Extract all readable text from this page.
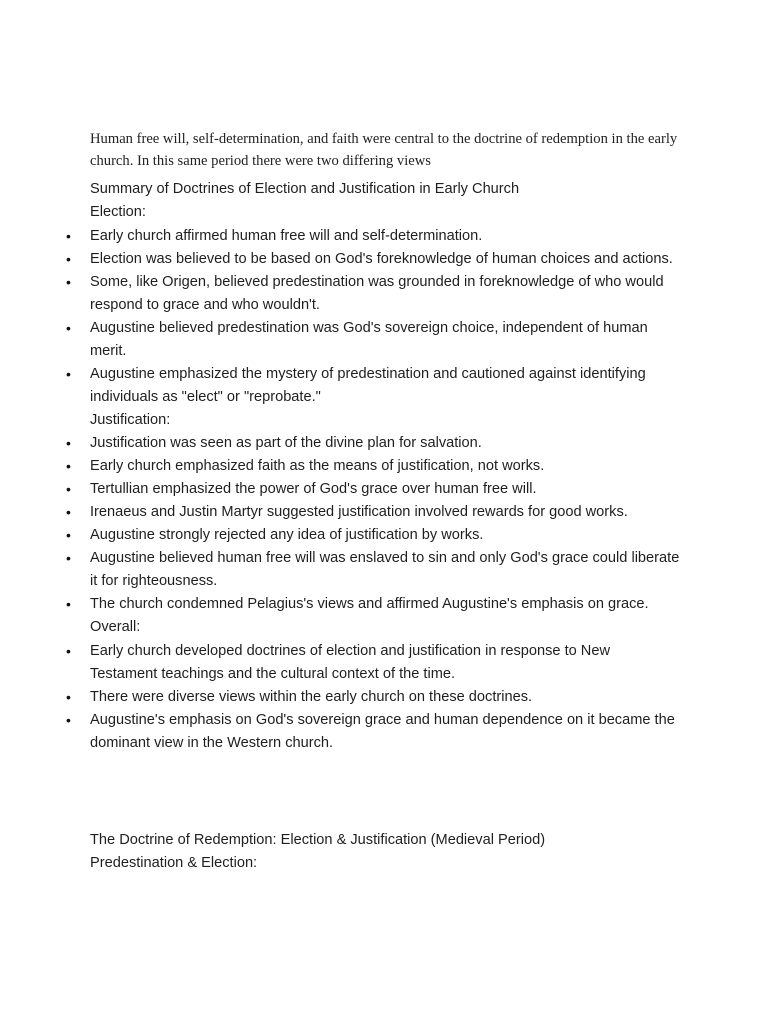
Human free will, self-determination, and faith were central to the doctrine of redemption in the early church. In this same period there were two differing views

Summary of Doctrines of Election and Justification in Early Church

Election:

• Early church affirmed human free will and self-determination.
• Election was believed to be based on God's foreknowledge of human choices and actions.
• Some, like Origen, believed predestination was grounded in foreknowledge of who would respond to grace and who wouldn't.
• Augustine believed predestination was God's sovereign choice, independent of human merit.
• Augustine emphasized the mystery of predestination and cautioned against identifying individuals as "elect" or "reprobate."

Justification:

• Justification was seen as part of the divine plan for salvation.
• Early church emphasized faith as the means of justification, not works.
• Tertullian emphasized the power of God's grace over human free will.
• Irenaeus and Justin Martyr suggested justification involved rewards for good works.
• Augustine strongly rejected any idea of justification by works.
• Augustine believed human free will was enslaved to sin and only God's grace could liberate it for righteousness.
• The church condemned Pelagius's views and affirmed Augustine's emphasis on grace.

Overall:

• Early church developed doctrines of election and justification in response to New Testament teachings and the cultural context of the time.
• There were diverse views within the early church on these doctrines.
• Augustine's emphasis on God's sovereign grace and human dependence on it became the dominant view in the Western church.

The Doctrine of Redemption: Election & Justification (Medieval Period)

Predestination & Election:
